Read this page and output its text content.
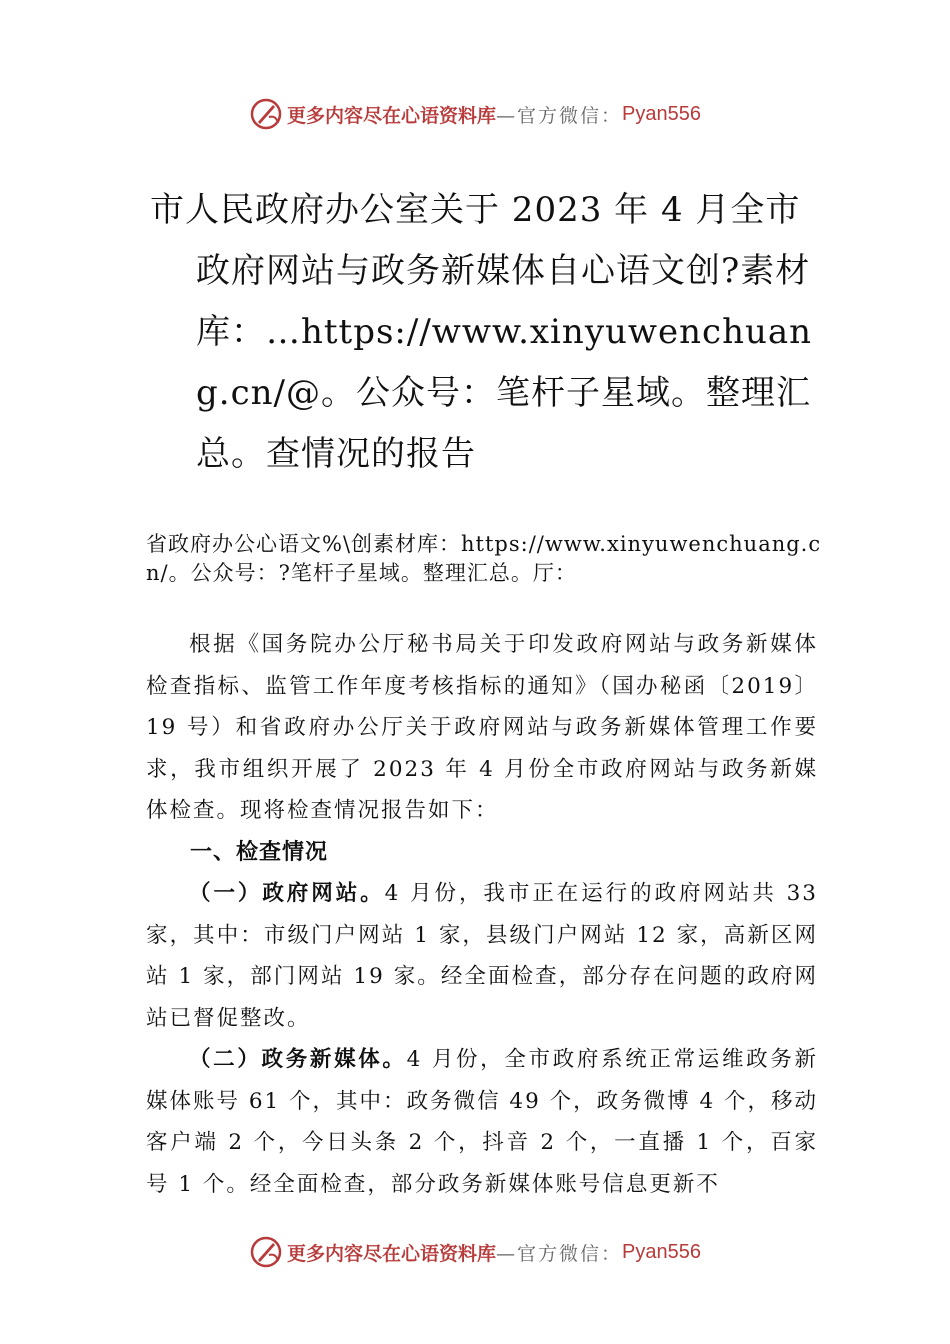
更多内容尽在心语资料库 —官方微信： Pyan556
市人民政府办公室关于 2023 年 4 月全市
政府网站与政务新媒体自心语文创?素材库：…https://www.xinyuwenchuang.cn/@。公众号：笔杆子星域。整理汇总。查情况的报告
省政府办公心语文%\创素材库：https://www.xinyuwenchuang.cn/。公众号：?笔杆子星域。整理汇总。厅：

根据《国务院办公厅秘书局关于印发政府网站与政务新媒体检查指标、监管工作年度考核指标的通知》（国办秘函〔2019〕19 号）和省政府办公厅关于政府网站与政务新媒体管理工作要求，我市组织开展了 2023 年 4 月份全市政府网站与政务新媒体检查。现将检查情况报告如下：

一、检查情况

（一）政府网站。4 月份，我市正在运行的政府网站共 33 家，其中：市级门户网站 1 家，县级门户网站 12 家，高新区网站 1 家，部门网站 19 家。经全面检查，部分存在问题的政府网站已督促整改。

（二）政务新媒体。4 月份，全市政府系统正常运维政务新媒体账号 61 个，其中：政务微信 49 个，政务微博 4 个，移动客户端 2 个，今日头条 2 个，抖音 2 个，一直播 1 个，百家号 1 个。经全面检查，部分政务新媒体账号信息更新不

更多内容尽在心语资料库 —官方微信： Pyan556
